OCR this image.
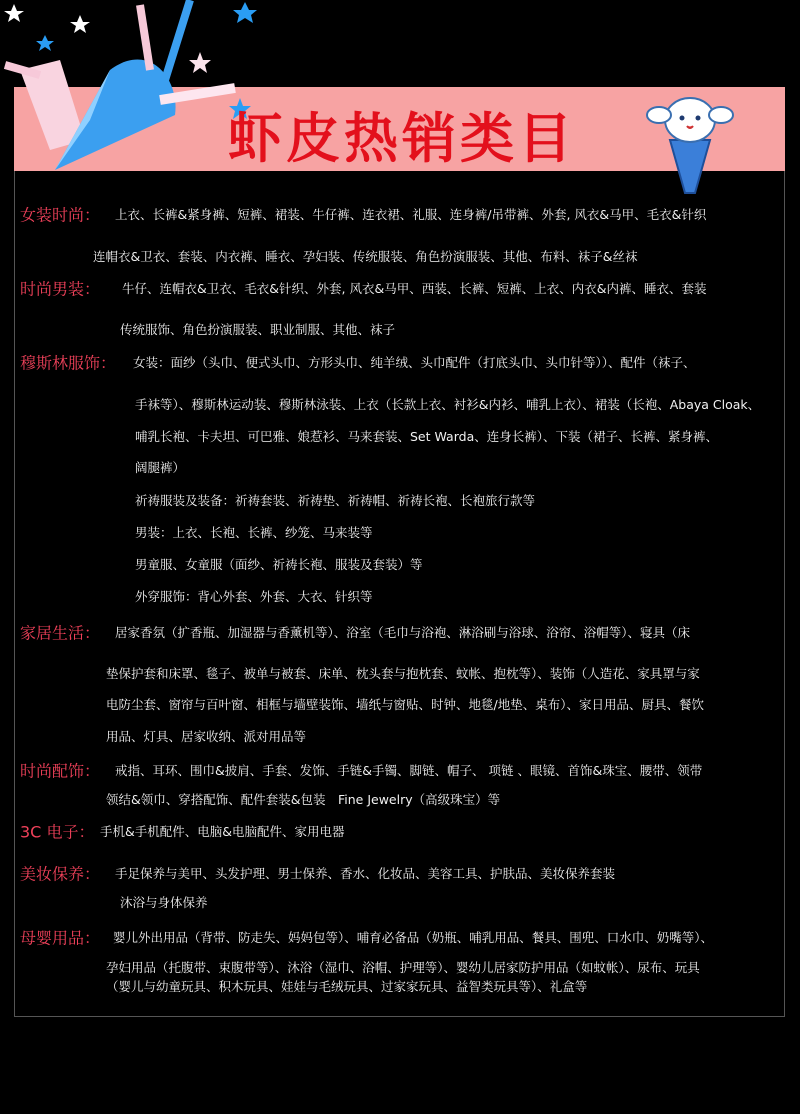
虾皮热销类目
女装时尚： 上衣、长裤&紧身裤、短裤、裙装、牛仔裤、连衣裙、礼服、连身裤/吊带裤、外套, 风衣&马甲、毛衣&针织
连帽衣&卫衣、套装、内衣裤、睡衣、孕妇装、传统服装、角色扮演服装、其他、布料、袜子&丝袜
时尚男装： 牛仔、连帽衣&卫衣、毛衣&针织、外套, 风衣&马甲、西装、长裤、短裤、上衣、内衣&内裤、睡衣、套装
传统服饰、角色扮演服装、职业制服、其他、袜子
穆斯林服饰： 女装：面纱（头巾、便式头巾、方形头巾、纯羊绒、头巾配件（打底头巾、头巾针等））、配件（袜子、
手袜等）、穆斯林运动装、穆斯林泳装、上衣（长款上衣、衬衫&内衫、哺乳上衣）、裙装（长袍、Abaya Cloak、
哺乳长袍、卡夫坦、可巴雅、娘惹衫、马来套装、Set Warda、连身长裤）、下装（裙子、长裤、紧身裤、
阔腿裤）
祈祷服装及装备：祈祷套装、祈祷垫、祈祷帽、祈祷长袍、长袍旅行款等
男装：上衣、长袍、长裤、纱笼、马来装等
男童服、女童服（面纱、祈祷长袍、服装及套装）等
外穿服饰：背心外套、外套、大衣、针织等
家居生活： 居家香氛（扩香瓶、加湿器与香薰机等）、浴室（毛巾与浴袍、淋浴刷与浴球、浴帘、浴帽等）、寝具（床
垫保护套和床罩、毯子、被单与被套、床单、枕头套与抱枕套、蚊帐、抱枕等）、装饰（人造花、家具罩与家
电防尘套、窗帘与百叶窗、相框与墙壁装饰、墙纸与窗贴、时钟、地毯/地垫、桌布）、家日用品、厨具、餐饮
用品、灯具、居家收纳、派对用品等
时尚配饰： 戒指、耳环、围巾&披肩、手套、发饰、手链&手镯、脚链、帽子、 项链 、眼镜、首饰&珠宝、腰带、领带
领结&领巾、穿搭配饰、配件套装&包装　Fine Jewelry（高级珠宝）等
3C 电子： 手机&手机配件、电脑&电脑配件、家用电器
美妆保养： 手足保养与美甲、头发护理、男士保养、香水、化妆品、美容工具、护肤品、美妆保养套装
沐浴与身体保养
母婴用品： 婴儿外出用品（背带、防走失、妈妈包等）、哺育必备品（奶瓶、哺乳用品、餐具、围兜、口水巾、奶嘴等）、
孕妇用品（托腹带、束腹带等）、沐浴（湿巾、浴帽、护理等）、婴幼儿居家防护用品（如蚊帐）、尿布、玩具
（婴儿与幼童玩具、积木玩具、娃娃与毛绒玩具、过家家玩具、益智类玩具等）、礼盒等
